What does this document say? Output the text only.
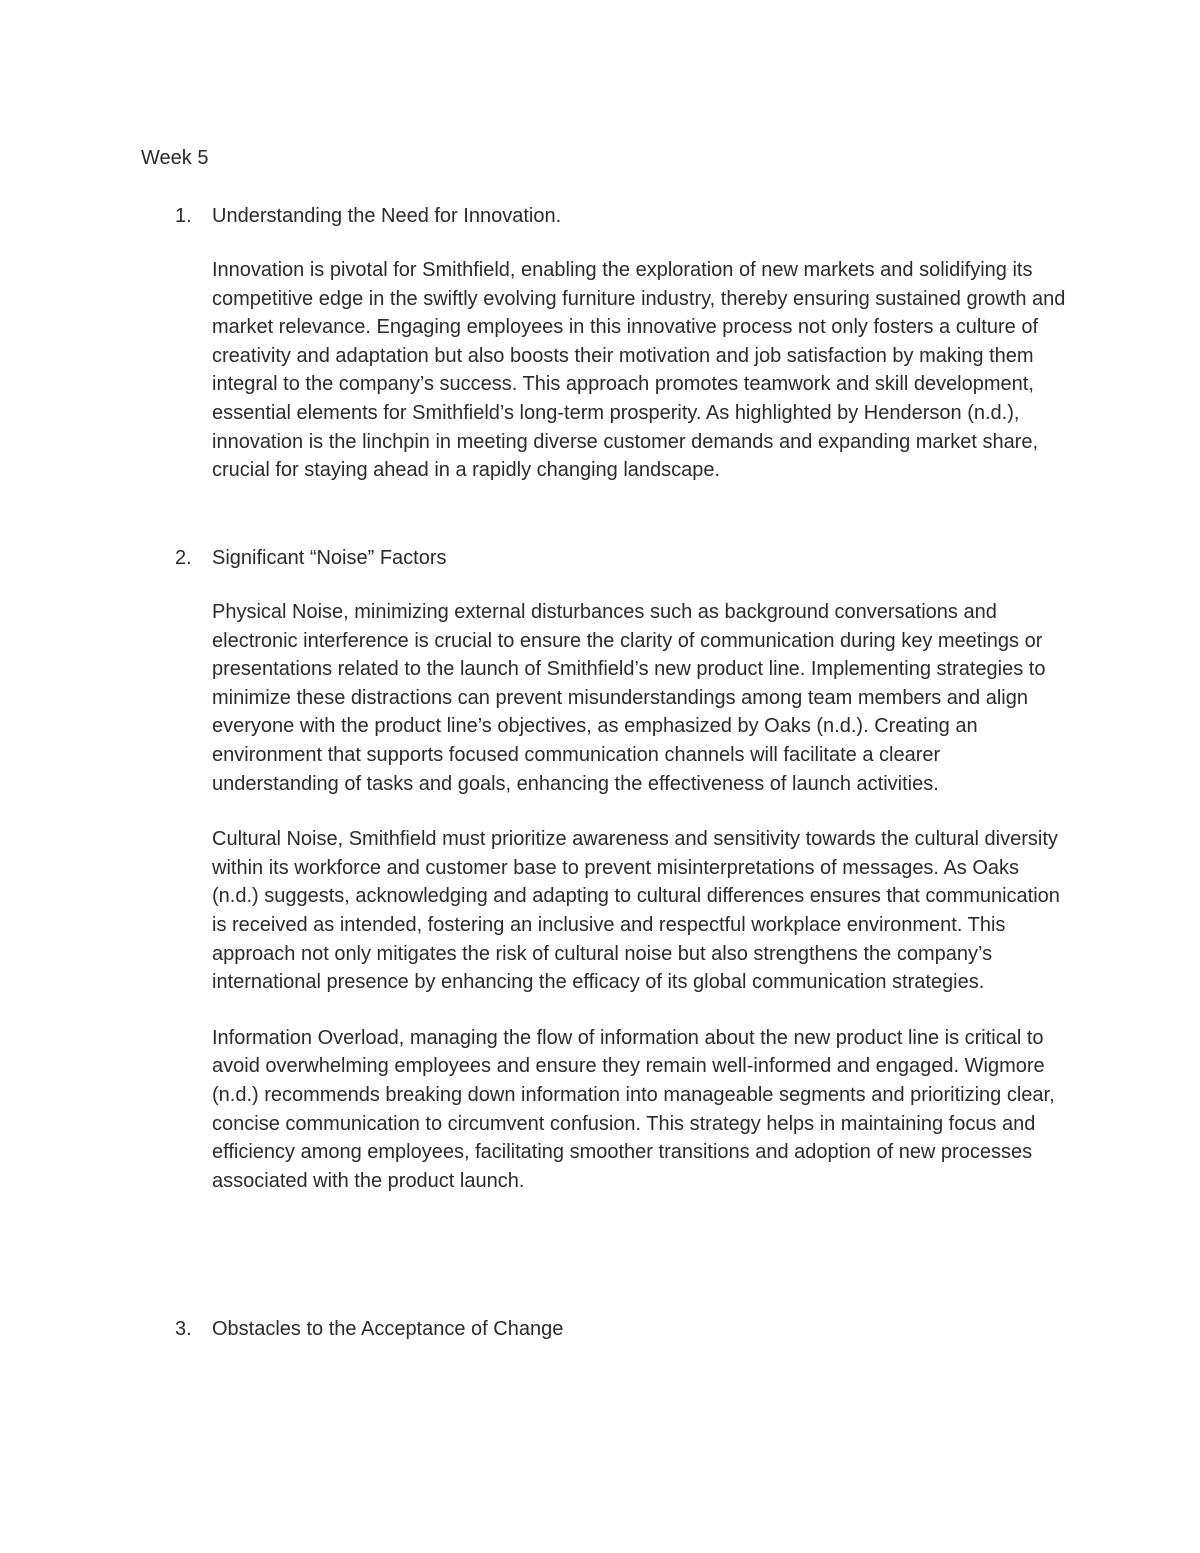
Week 5
1.	Understanding the Need for Innovation.

Innovation is pivotal for Smithfield, enabling the exploration of new markets and solidifying its competitive edge in the swiftly evolving furniture industry, thereby ensuring sustained growth and market relevance. Engaging employees in this innovative process not only fosters a culture of creativity and adaptation but also boosts their motivation and job satisfaction by making them integral to the company’s success. This approach promotes teamwork and skill development, essential elements for Smithfield’s long-term prosperity. As highlighted by Henderson (n.d.), innovation is the linchpin in meeting diverse customer demands and expanding market share, crucial for staying ahead in a rapidly changing landscape.

2.	Significant “Noise” Factors

Physical Noise, minimizing external disturbances such as background conversations and electronic interference is crucial to ensure the clarity of communication during key meetings or presentations related to the launch of Smithfield’s new product line. Implementing strategies to minimize these distractions can prevent misunderstandings among team members and align everyone with the product line’s objectives, as emphasized by Oaks (n.d.). Creating an environment that supports focused communication channels will facilitate a clearer understanding of tasks and goals, enhancing the effectiveness of launch activities.

Cultural Noise, Smithfield must prioritize awareness and sensitivity towards the cultural diversity within its workforce and customer base to prevent misinterpretations of messages. As Oaks (n.d.) suggests, acknowledging and adapting to cultural differences ensures that communication is received as intended, fostering an inclusive and respectful workplace environment. This approach not only mitigates the risk of cultural noise but also strengthens the company’s international presence by enhancing the efficacy of its global communication strategies.

Information Overload, managing the flow of information about the new product line is critical to avoid overwhelming employees and ensure they remain well-informed and engaged. Wigmore (n.d.) recommends breaking down information into manageable segments and prioritizing clear, concise communication to circumvent confusion. This strategy helps in maintaining focus and efficiency among employees, facilitating smoother transitions and adoption of new processes associated with the product launch.

3.	Obstacles to the Acceptance of Change
